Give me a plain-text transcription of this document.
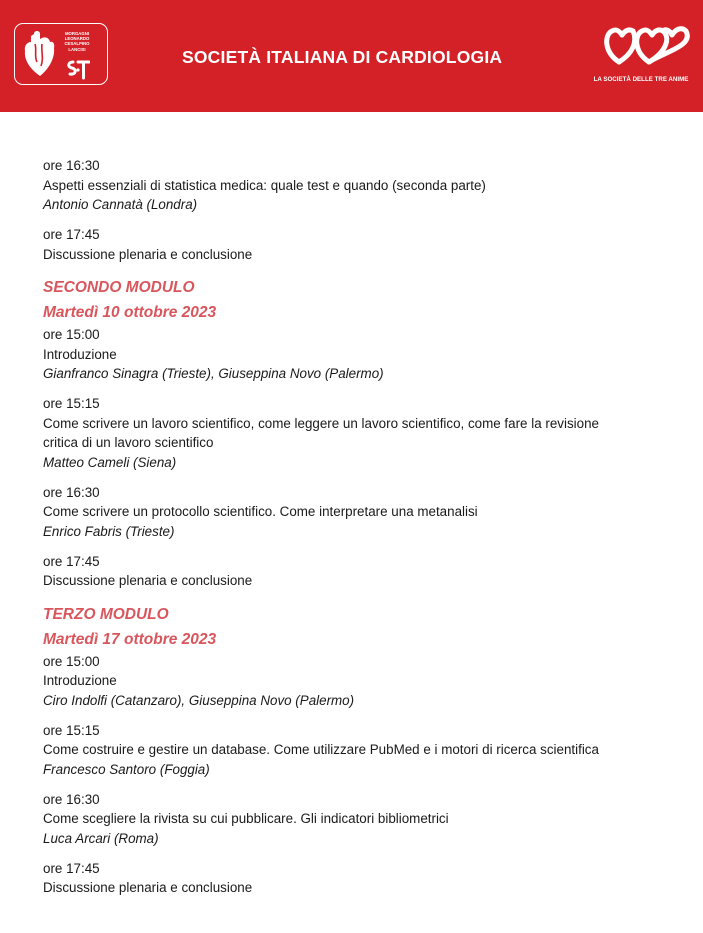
MORGAGNI
LEONARDO
CESALPINO
LANCISI	SOCIETÀ ITALIANA DI CARDIOLOGIA
LA SOCIETÀ DELLE TRE ANIME
ore 16:30
Aspetti essenziali di statistica medica: quale test e quando (seconda parte)
Antonio Cannatà (Londra)
ore 17:45
Discussione plenaria e conclusione
SECONDO MODULO
Martedì 10 ottobre 2023
ore 15:00
Introduzione
Gianfranco Sinagra (Trieste), Giuseppina Novo (Palermo)
ore 15:15
Come scrivere un lavoro scientifico, come leggere un lavoro scientifico, come fare la revisione
critica di un lavoro scientifico
Matteo Cameli (Siena)
ore 16:30
Come scrivere un protocollo scientifico. Come interpretare una metanalisi
Enrico Fabris (Trieste)
ore 17:45
Discussione plenaria e conclusione
TERZO MODULO
Martedì 17 ottobre 2023
ore 15:00
Introduzione
Ciro Indolfi (Catanzaro), Giuseppina Novo (Palermo)
ore 15:15
Come costruire e gestire un database. Come utilizzare PubMed e i motori di ricerca scientifica
Francesco Santoro (Foggia)
ore 16:30
Come scegliere la rivista su cui pubblicare. Gli indicatori bibliometrici
Luca Arcari (Roma)
ore 17:45
Discussione plenaria e conclusione
